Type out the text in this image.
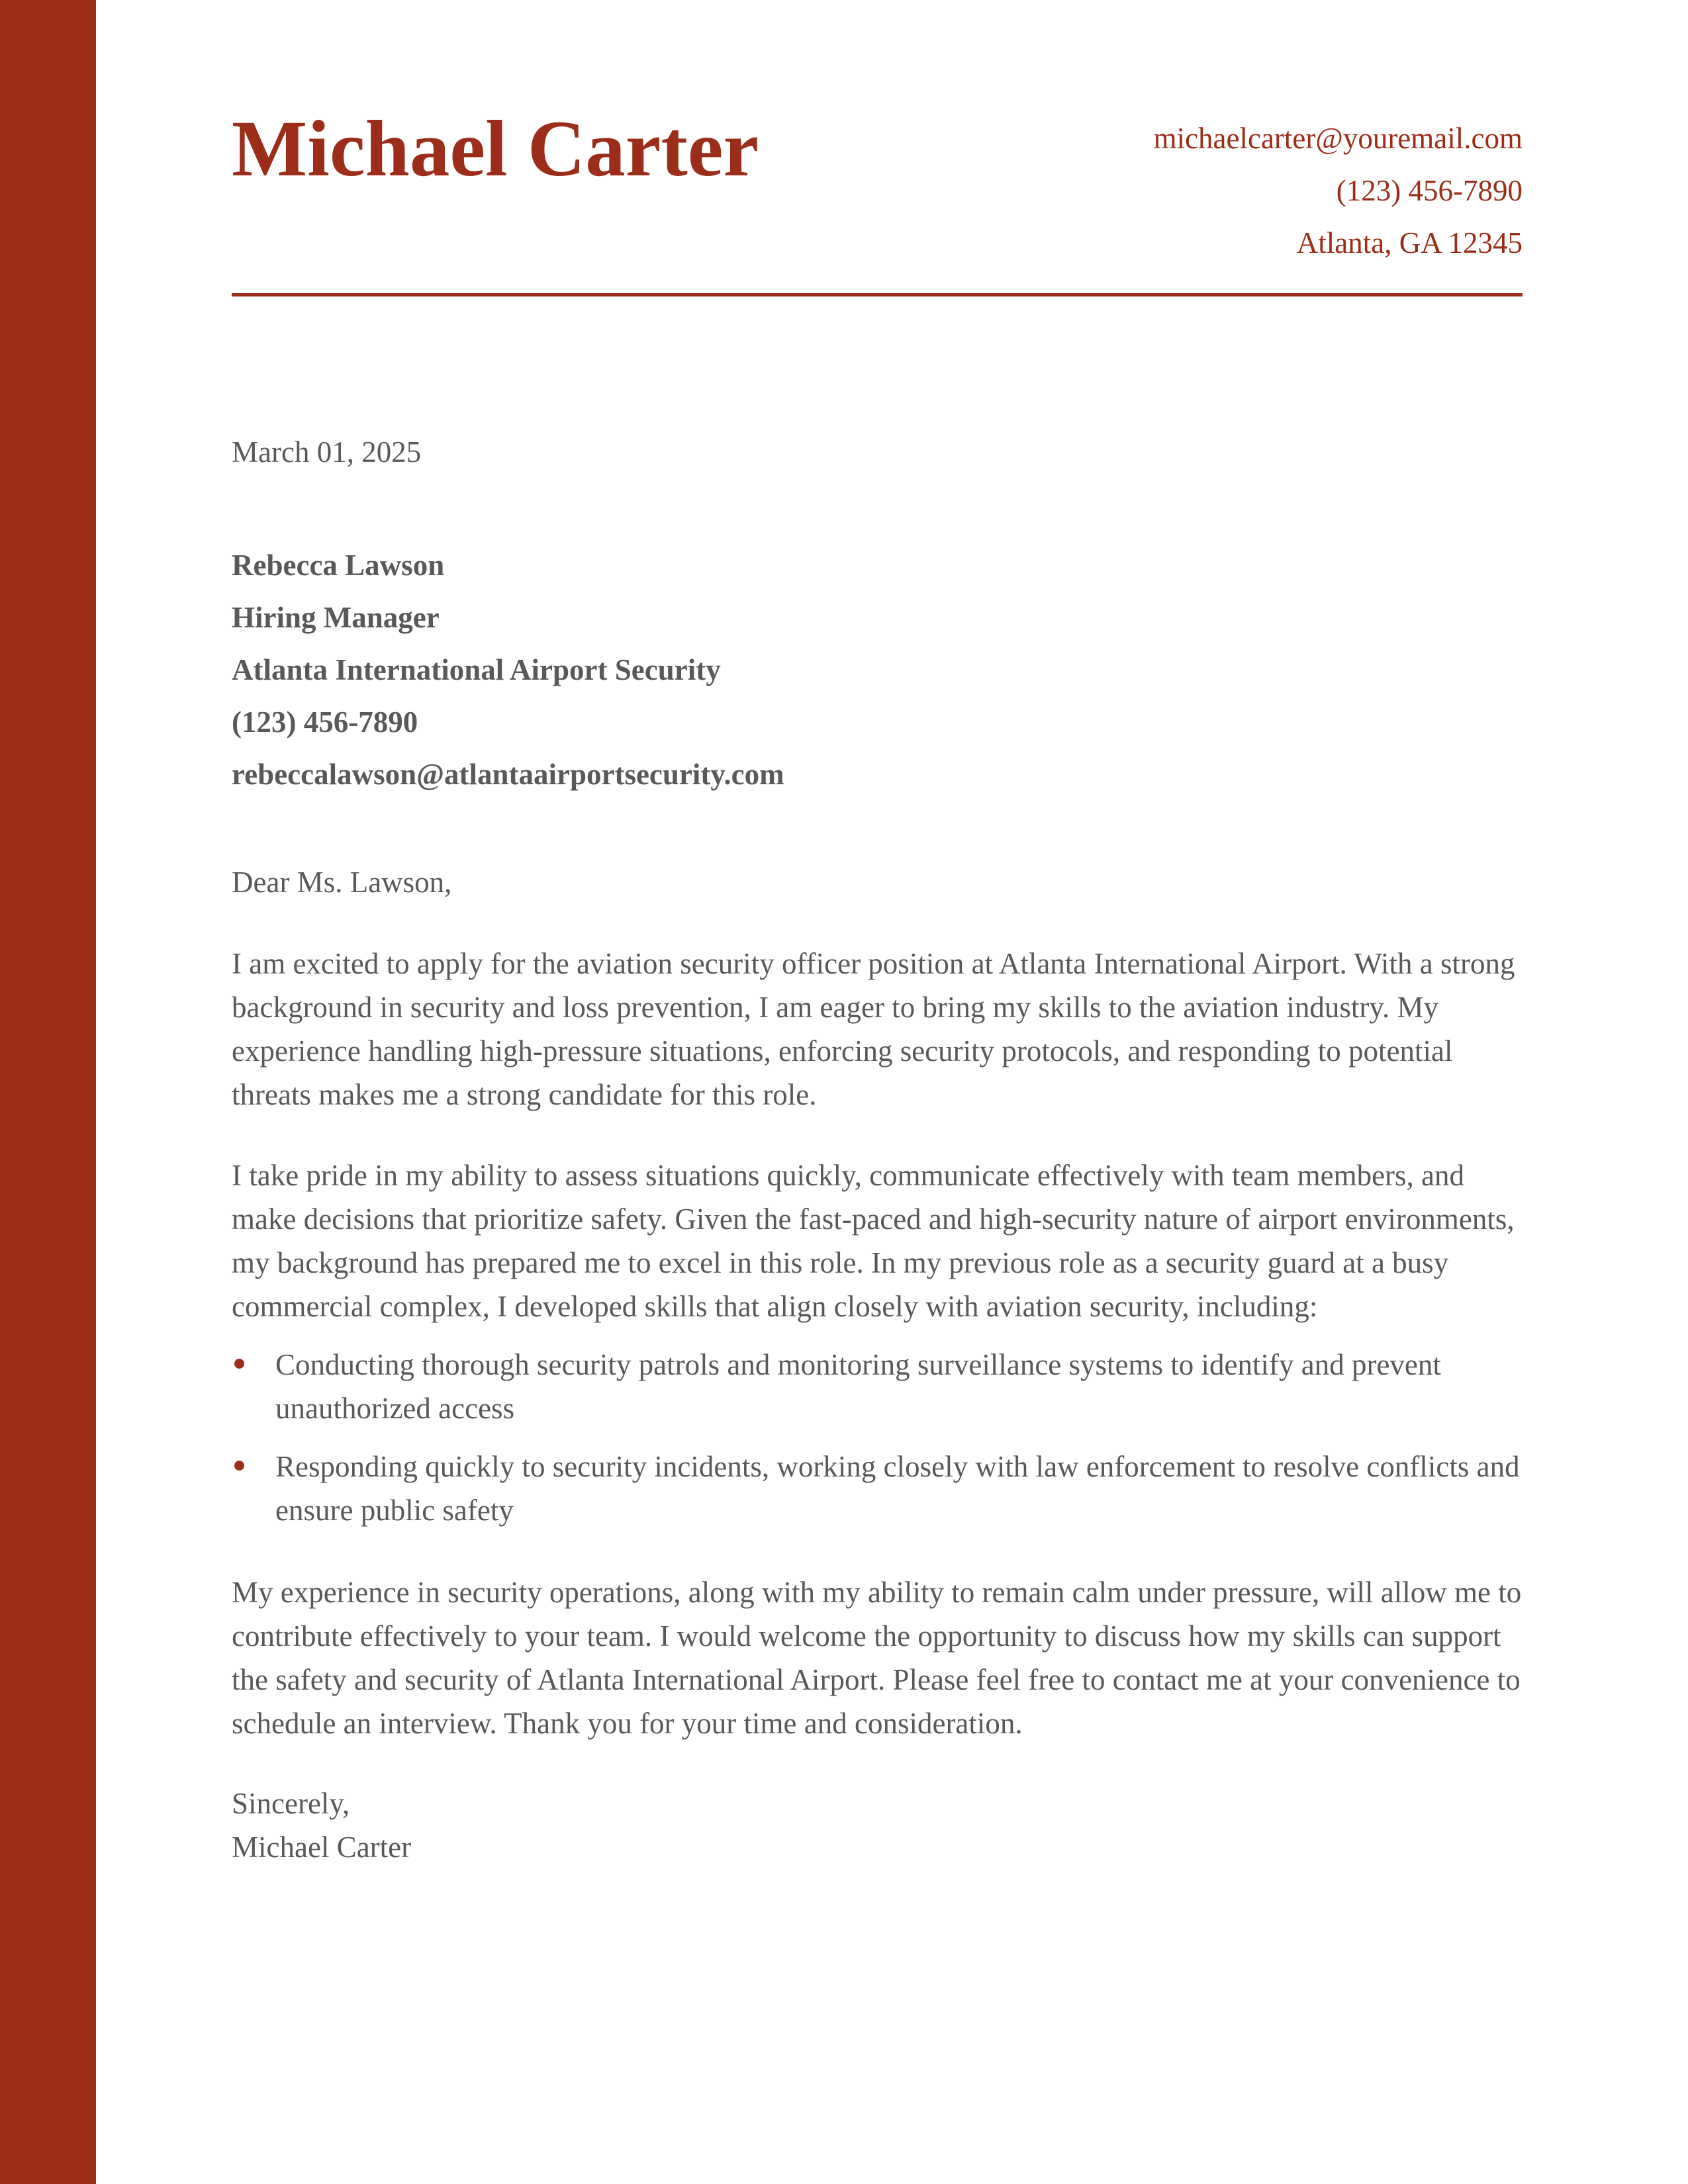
Michael Carter	michaelcarter@youremail.com
(123) 456-7890
Atlanta, GA 12345
March 01, 2025
Rebecca Lawson
Hiring Manager
Atlanta International Airport Security
(123) 456-7890
rebeccalawson@atlantaairportsecurity.com

Dear Ms. Lawson,

I am excited to apply for the aviation security officer position at Atlanta International Airport. With a strong background in security and loss prevention, I am eager to bring my skills to the aviation industry. My experience handling high-pressure situations, enforcing security protocols, and responding to potential threats makes me a strong candidate for this role.

I take pride in my ability to assess situations quickly, communicate effectively with team members, and make decisions that prioritize safety. Given the fast-paced and high-security nature of airport environments, my background has prepared me to excel in this role. In my previous role as a security guard at a busy commercial complex, I developed skills that align closely with aviation security, including:

Conducting thorough security patrols and monitoring surveillance systems to identify and prevent unauthorized access
Responding quickly to security incidents, working closely with law enforcement to resolve conflicts and ensure public safety

My experience in security operations, along with my ability to remain calm under pressure, will allow me to contribute effectively to your team. I would welcome the opportunity to discuss how my skills can support the safety and security of Atlanta International Airport. Please feel free to contact me at your convenience to schedule an interview. Thank you for your time and consideration.

Sincerely,

Michael Carter
